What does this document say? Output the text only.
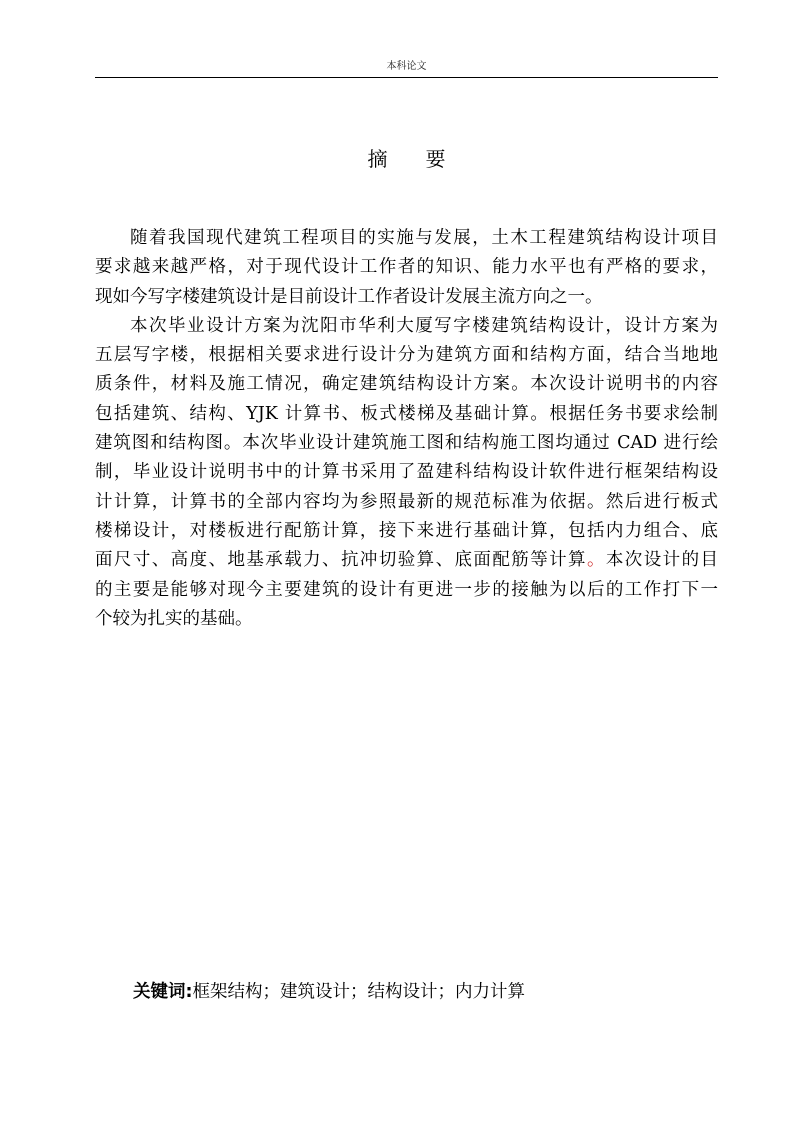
本科论文
摘 要
随着我国现代建筑工程项目的实施与发展，土木工程建筑结构设计项目
要求越来越严格，对于现代设计工作者的知识、能力水平也有严格的要求，
现如今写字楼建筑设计是目前设计工作者设计发展主流方向之一。
本次毕业设计方案为沈阳市华利大厦写字楼建筑结构设计，设计方案为
五层写字楼，根据相关要求进行设计分为建筑方面和结构方面，结合当地地
质条件，材料及施工情况，确定建筑结构设计方案。本次设计说明书的内容
包括建筑、结构、YJK 计算书、板式楼梯及基础计算。根据任务书要求绘制
建筑图和结构图。本次毕业设计建筑施工图和结构施工图均通过 CAD 进行绘
制，毕业设计说明书中的计算书采用了盈建科结构设计软件进行框架结构设
计计算，计算书的全部内容均为参照最新的规范标准为依据。然后进行板式
楼梯设计，对楼板进行配筋计算，接下来进行基础计算，包括内力组合、底
面尺寸、高度、地基承载力、抗冲切验算、底面配筋等计算。本次设计的目
的主要是能够对现今主要建筑的设计有更进一步的接触为以后的工作打下一
个较为扎实的基础。
关键词:框架结构；建筑设计；结构设计；内力计算
